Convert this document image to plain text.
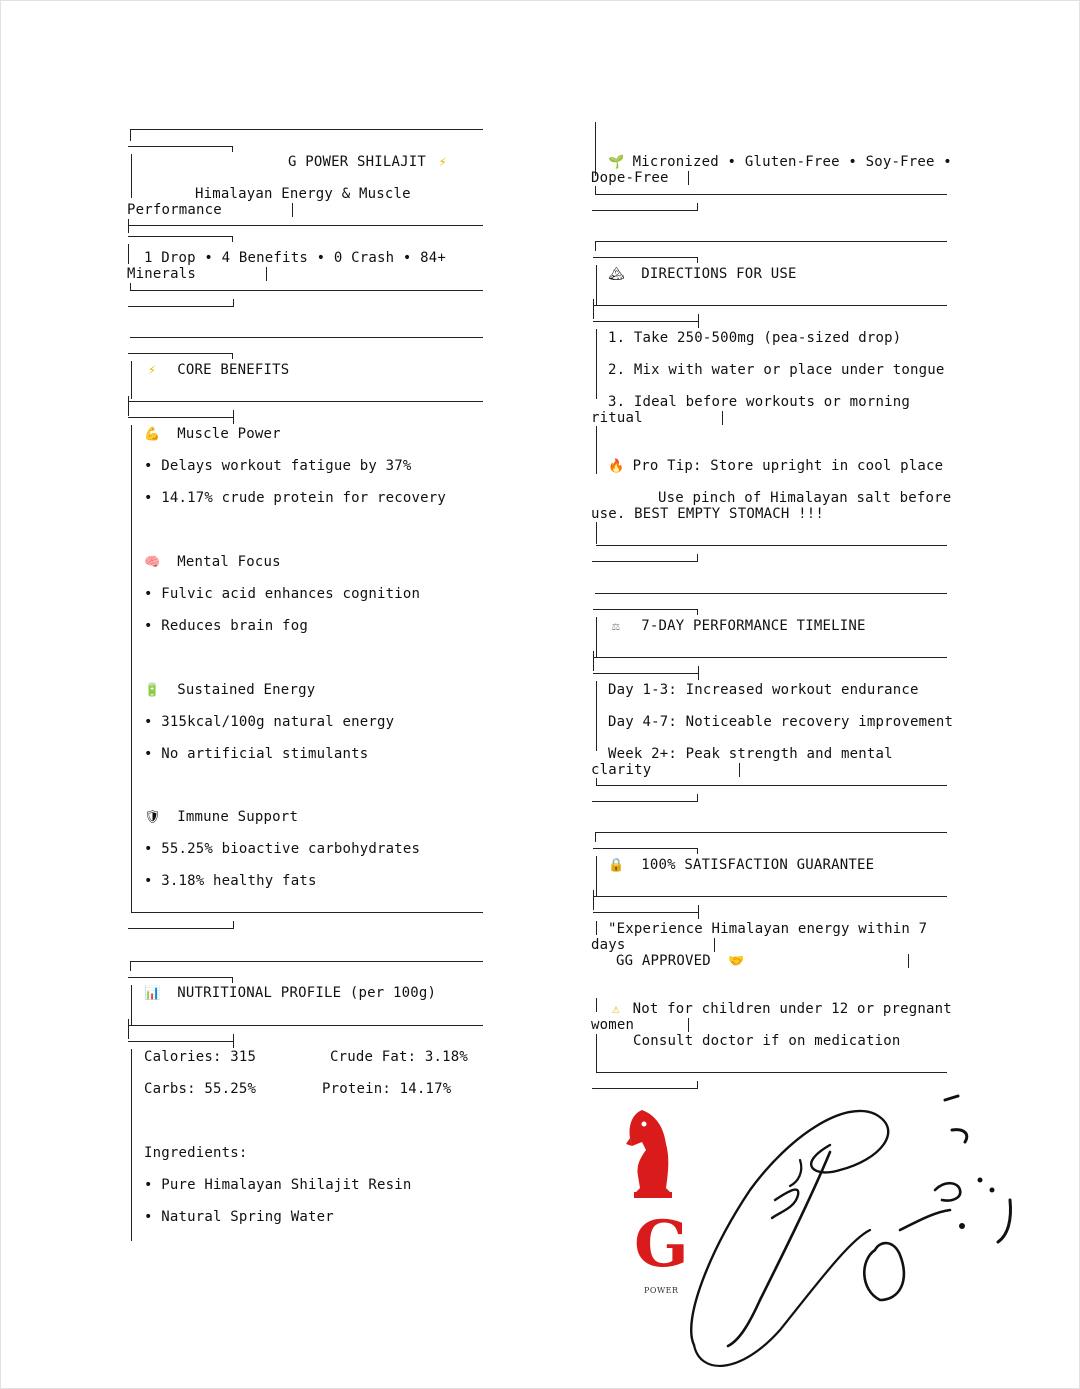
G POWER SHILAJIT ⚡
Himalayan Energy & Muscle
Performance
1 Drop • 4 Benefits • 0 Crash • 84+
Minerals
⚡ CORE BENEFITS
💪 Muscle Power
• Delays workout fatigue by 37%
• 14.17% crude protein for recovery
🧠 Mental Focus
• Fulvic acid enhances cognition
• Reduces brain fog
🔋 Sustained Energy
• 315kcal/100g natural energy
• No artificial stimulants
🛡 Immune Support
• 55.25% bioactive carbohydrates
• 3.18% healthy fats
📊 NUTRITIONAL PROFILE (per 100g)
Calories: 315	Crude Fat: 3.18%
Carbs: 55.25%	Protein: 14.17%
Ingredients:
• Pure Himalayan Shilajit Resin
• Natural Spring Water
🌱 Micronized • Gluten-Free • Soy-Free •
Dope-Free
🏔 DIRECTIONS FOR USE
1. Take 250-500mg (pea-sized drop)
2. Mix with water or place under tongue
3. Ideal before workouts or morning
ritual
🔥 Pro Tip: Store upright in cool place
Use pinch of Himalayan salt before
use. BEST EMPTY STOMACH !!!
⚖ 7-DAY PERFORMANCE TIMELINE
Day 1-3: Increased workout endurance
Day 4-7: Noticeable recovery improvement
Week 2+: Peak strength and mental
clarity
🔒 100% SATISFACTION GUARANTEE
"Experience Himalayan energy within 7
days
GG APPROVED 🤝
⚠ Not for children under 12 or pregnant
women
Consult doctor if on medication
G
POWER
